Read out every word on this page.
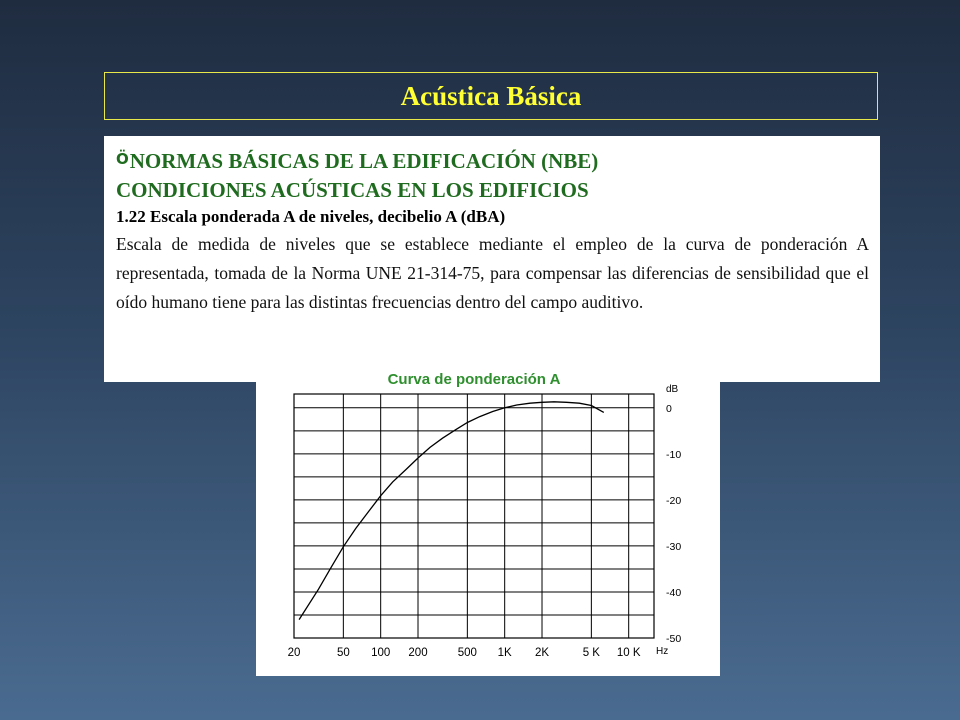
Acústica Básica
ÖNORMAS BÁSICAS DE LA EDIFICACIÓN (NBE)
CONDICIONES ACÚSTICAS EN LOS EDIFICIOS
1.22 Escala ponderada A de niveles, decibelio A (dBA)
Escala de medida de niveles que se establece mediante el empleo de la curva de ponderación A representada, tomada de la Norma UNE 21-314-75, para compensar las diferencias de sensibilidad que el oído humano tiene para las distintas frecuencias dentro del campo auditivo.
Curva de ponderación A
20	50 100 200	500 1K 2K	5 K 10 K Hz
0
-10
-20
-30
-40
-50
dB
